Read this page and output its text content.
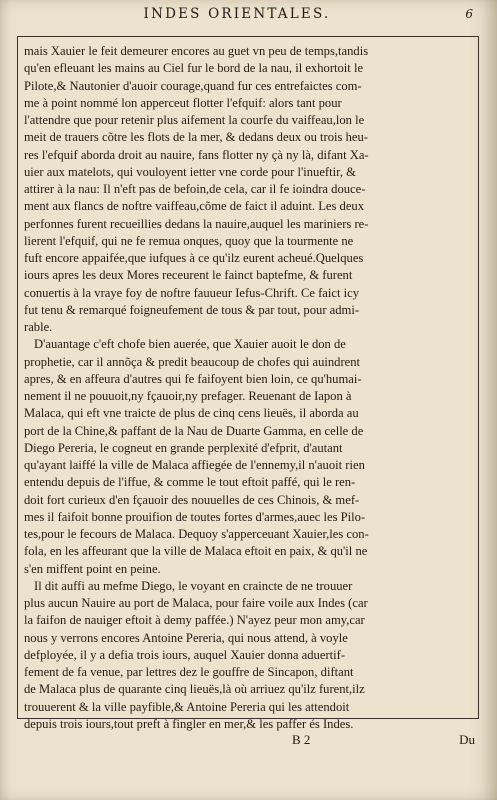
INDES ORIENTALES.	6
mais Xauier le feit demeurer encores au guet vn peu de temps,tandis
qu'en efleuant les mains au Ciel fur le bord de la nau, il exhortoit le
Pilote,& Nautonier d'auoir courage,quand fur ces entrefaictes com-
me à point nommé lon apperceut flotter l'efquif: alors tant pour
l'attendre que pour retenir plus aifement la courfe du vaiffeau,lon le
meit de trauers cõtre les flots de la mer, & dedans deux ou trois heu-
res l'efquif aborda droit au nauire, fans flotter ny çà ny là, difant Xa-
uier aux matelots, qui vouloyent ietter vne corde pour l'inueftir, &
attirer à la nau: Il n'eft pas de befoin,de cela, car il fe ioindra douce-
ment aux flancs de noftre vaiffeau,cõme de faict il aduint. Les deux
perfonnes furent recueillies dedans la nauire,auquel les mariniers re-
lierent l'efquif, qui ne fe remua onques, quoy que la tourmente ne
fuft encore appaifée,que iufques à ce qu'ilz eurent acheué.Quelques
iours apres les deux Mores receurent le fainct baptefme, & furent
conuertis à la vraye foy de noftre fauueur Iefus-Chrift. Ce faict icy
fut tenu & remarqué foigneufement de tous & par tout, pour admi-
rable.
D'auantage c'eft chofe bien auerée, que Xauier auoit le don de
prophetie, car il annõça & predit beaucoup de chofes qui auindrent
apres, & en affeura d'autres qui fe faifoyent bien loin, ce qu'humai-
nement il ne pouuoit,ny fçauoir,ny prefager. Reuenant de Iapon à
Malaca, qui eft vne traicte de plus de cinq cens lieuës, il aborda au
port de la Chine,& paffant de la Nau de Duarte Gamma, en celle de
Diego Pereria, le cogneut en grande perplexité d'efprit, d'autant
qu'ayant laiffé la ville de Malaca affiegée de l'ennemy,il n'auoit rien
entendu depuis de l'iffue, & comme le tout eftoit paffé, qui le ren-
doit fort curieux d'en fçauoir des nouuelles de ces Chinois, & mef-
mes il faifoit bonne prouifion de toutes fortes d'armes,auec les Pilo-
tes,pour le fecours de Malaca. Dequoy s'apperceuant Xauier,les con-
fola, en les affeurant que la ville de Malaca eftoit en paix, & qu'il ne
s'en miffent point en peine.
Il dit auffi au mefme Diego, le voyant en craincte de ne trouuer
plus aucun Nauire au port de Malaca, pour faire voile aux Indes (car
la faifon de nauiger eftoit à demy paffée.) N'ayez peur mon amy,car
nous y verrons encores Antoine Pereria, qui nous attend, à voyle
defployée, il y a defia trois iours, auquel Xauier donna aduertif-
fement de fa venue, par lettres dez le gouffre de Sincapon, diftant
de Malaca plus de quarante cinq lieuës,là où arriuez qu'ilz furent,ilz
trouuerent & la ville payfible,& Antoine Pereria qui les attendoit
depuis trois iours,tout preft à fingler en mer,& les paffer és Indes.
B 2	Du
